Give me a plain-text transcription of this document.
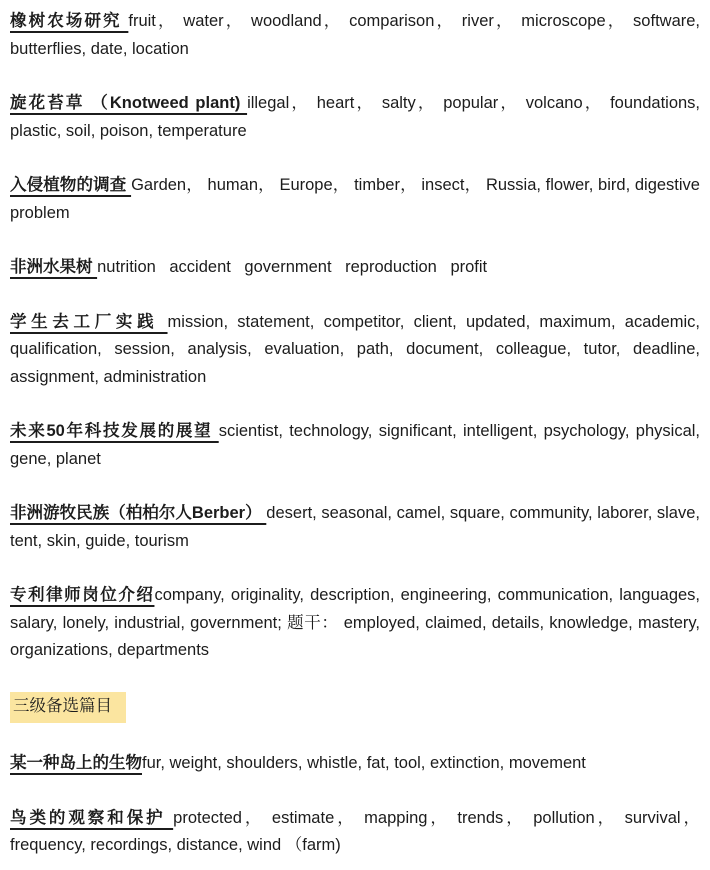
橡树农场研究 fruit， water， woodland， comparison， river， microscope， software, butterflies, date, location

旋花苔草 （Knotweed plant) illegal， heart， salty， popular， volcano， foundations, plastic, soil, poison, temperature

入侵植物的调查 Garden， human， Europe， timber， insect， Russia, flower, bird, digestive problem

非洲水果树 nutrition accident government reproduction profit

学生去工厂实践 mission, statement, competitor, client, updated, maximum, academic, qualification, session, analysis, evaluation, path, document, colleague, tutor, deadline, assignment, administration

未来50年科技发展的展望 scientist, technology, significant, intelligent, psychology, physical, gene, planet

非洲游牧民族（柏柏尔人Berber） desert, seasonal, camel, square, community, laborer, slave, tent, skin, guide, tourism

专利律师岗位介绍company, originality, description, engineering, communication, languages, salary, lonely, industrial, government; 题干： employed, claimed, details, knowledge, mastery, organizations, departments

三级备选篇目

某一种岛上的生物fur, weight, shoulders, whistle, fat, tool, extinction, movement

鸟类的观察和保护 protected， estimate， mapping， trends， pollution， survival， frequency, recordings, distance, wind （farm)
